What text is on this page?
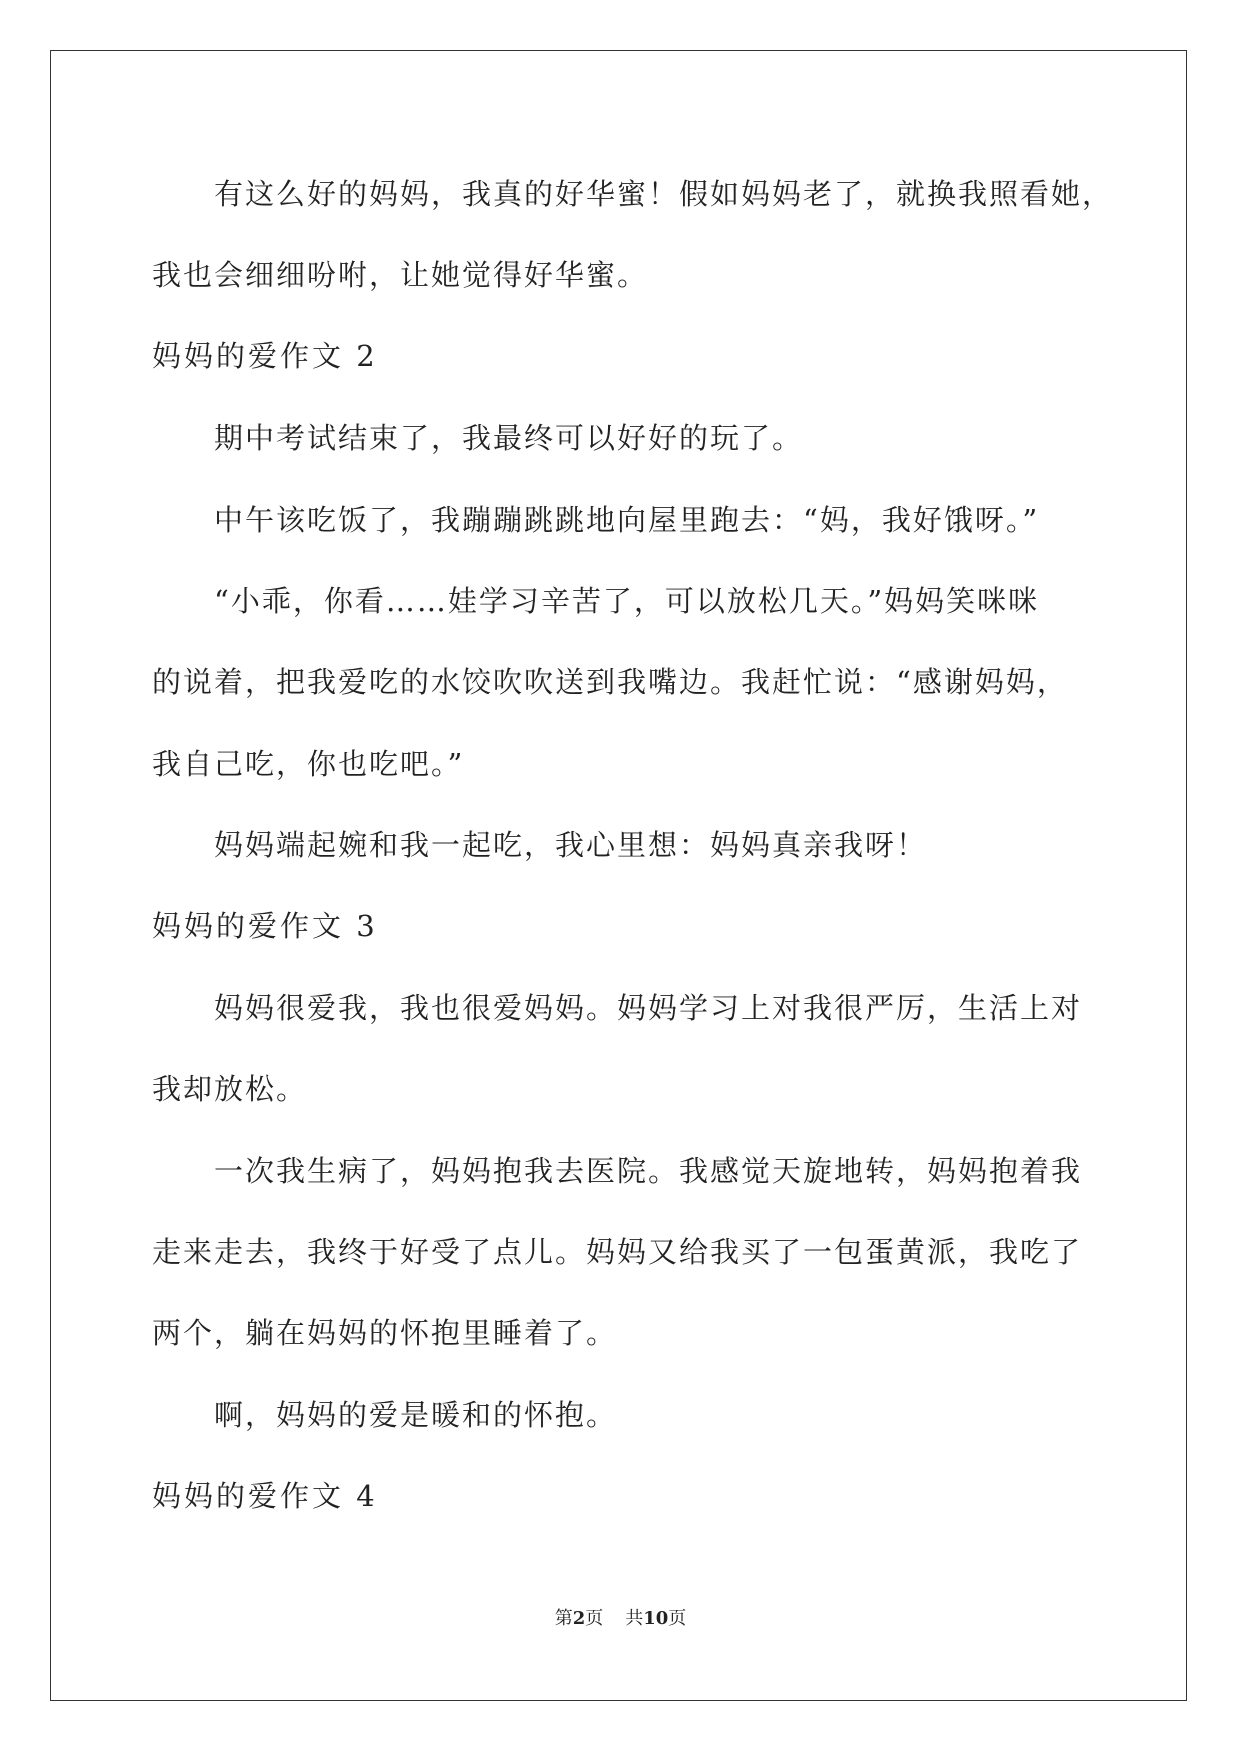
有这么好的妈妈，我真的好华蜜！假如妈妈老了，就换我照看她，
我也会细细吩咐，让她觉得好华蜜。
妈妈的爱作文 2
期中考试结束了，我最终可以好好的玩了。
中午该吃饭了，我蹦蹦跳跳地向屋里跑去：“妈，我好饿呀。”
“小乖，你看……娃学习辛苦了，可以放松几天。”妈妈笑咪咪
的说着，把我爱吃的水饺吹吹送到我嘴边。我赶忙说：“感谢妈妈，
我自己吃，你也吃吧。”
妈妈端起婉和我一起吃，我心里想：妈妈真亲我呀！
妈妈的爱作文 3
妈妈很爱我，我也很爱妈妈。妈妈学习上对我很严厉，生活上对
我却放松。
一次我生病了，妈妈抱我去医院。我感觉天旋地转，妈妈抱着我
走来走去，我终于好受了点儿。妈妈又给我买了一包蛋黄派，我吃了
两个，躺在妈妈的怀抱里睡着了。
啊，妈妈的爱是暖和的怀抱。
妈妈的爱作文 4
第2页 共10页
